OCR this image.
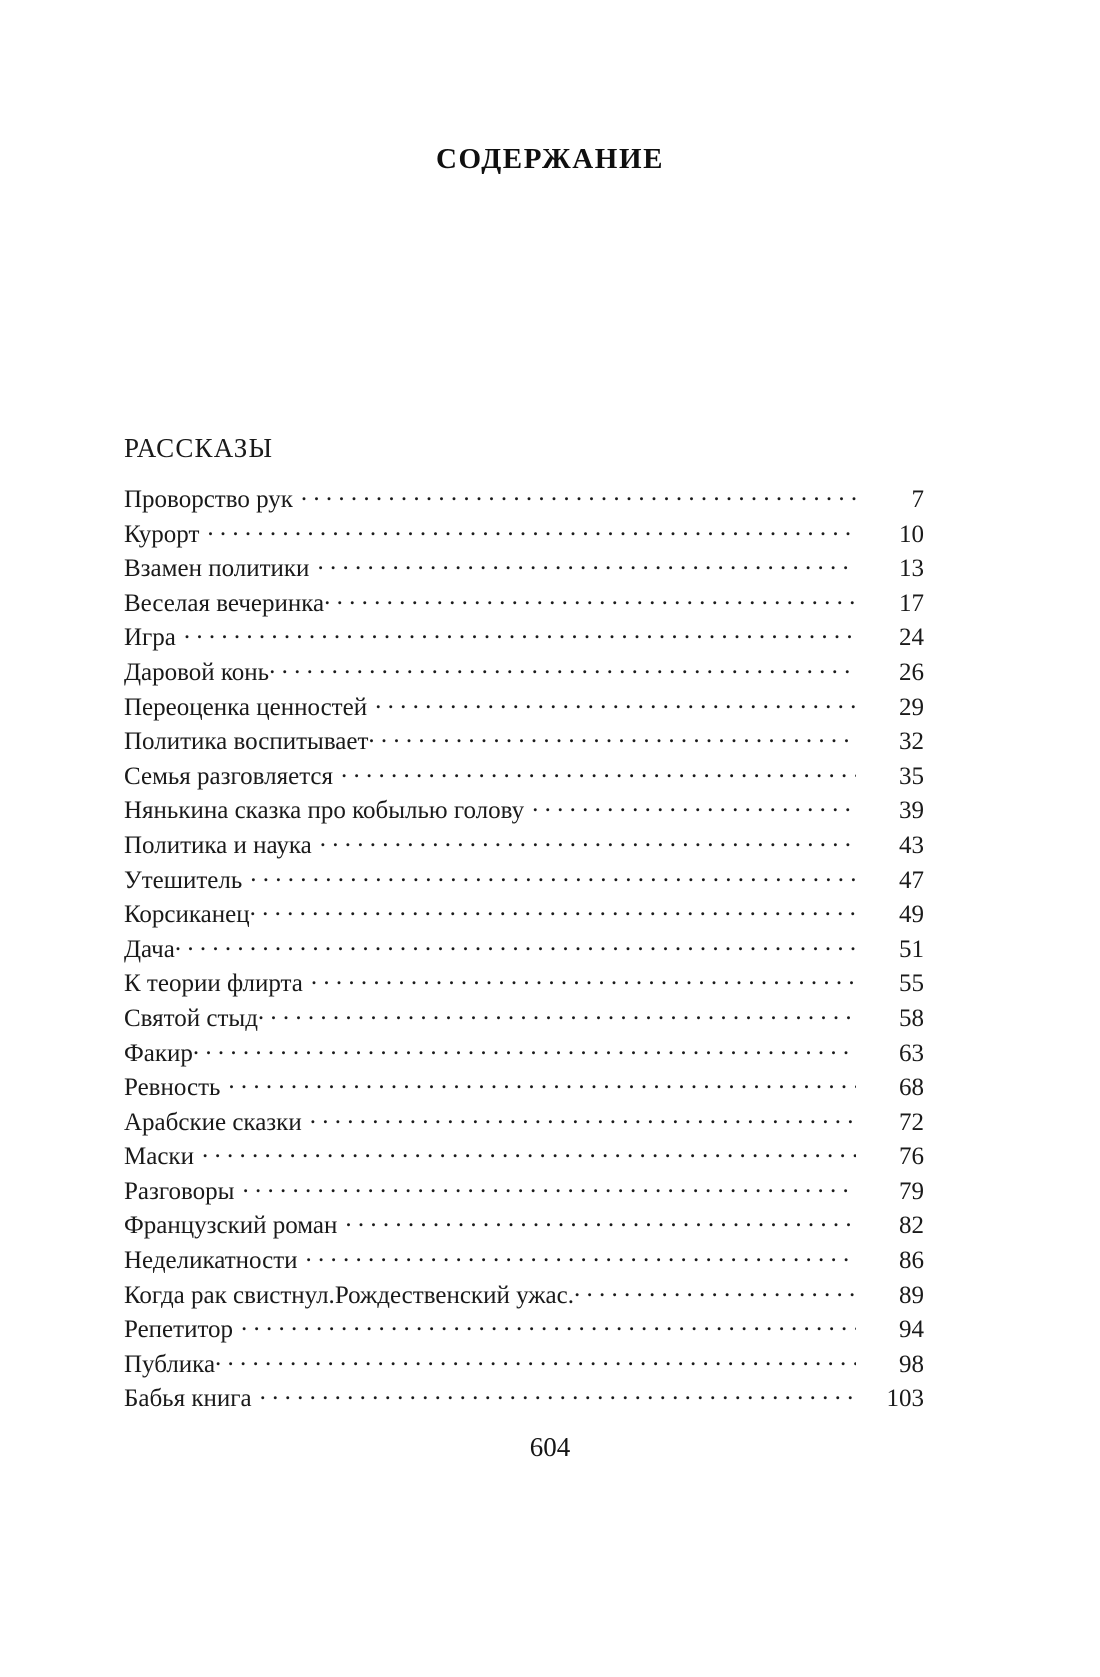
СОДЕРЖАНИЕ
РАССКАЗЫ
Проворство рук . . .	7
Курорт . . .	10
Взамен политики . . .	13
Веселая вечеринка . . .	17
Игра . . .	24
Даровой конь . . .	26
Переоценка ценностей . . .	29
Политика воспитывает . . .	32
Семья разговляется . . .	35
Нянькина сказка про кобылью голову . . .	39
Политика и наука . . .	43
Утешитель . . .	47
Корсиканец . . .	49
Дача . . .	51
К теории флирта . . .	55
Святой стыд . . .	58
Факир . . .	63
Ревность . . .	68
Арабские сказки . . .	72
Маски . . .	76
Разговоры . . .	79
Французский роман . . .	82
Неделикатности . . .	86
Когда рак свистнул. Рождественский ужас. . . .	89
Репетитор . . .	94
Публика . . .	98
Бабья книга . . .	103
604
